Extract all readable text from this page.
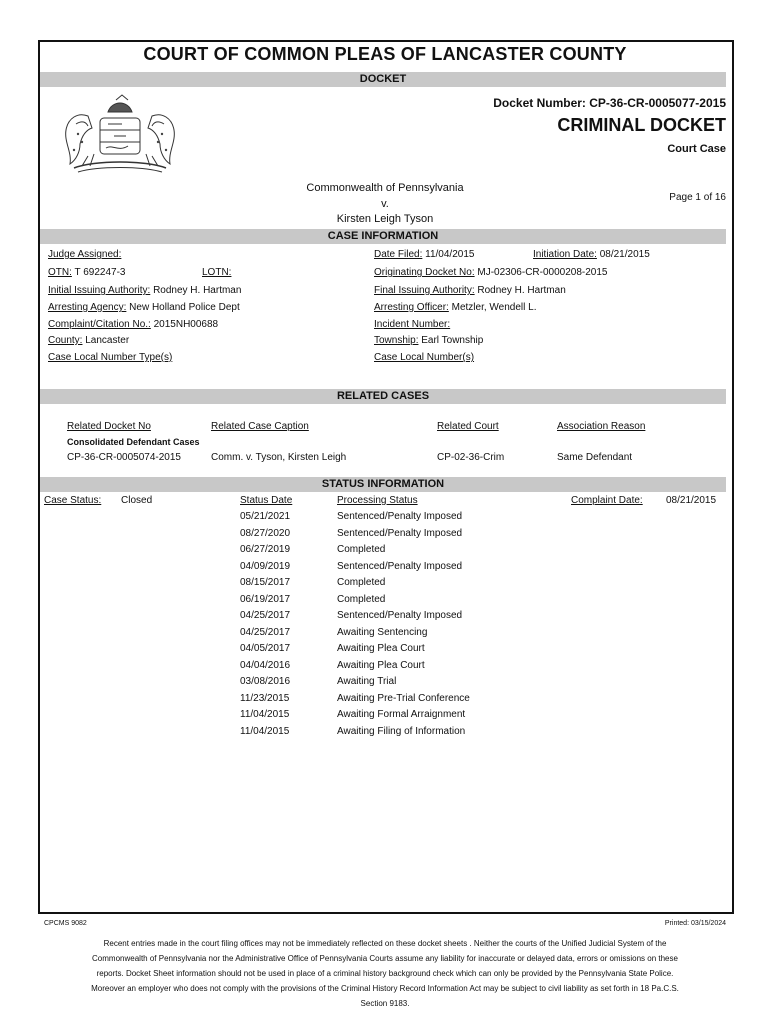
COURT OF COMMON PLEAS OF LANCASTER COUNTY
DOCKET
Docket Number: CP-36-CR-0005077-2015
CRIMINAL DOCKET
Court Case
Commonwealth of Pennsylvania
v.
Kirsten Leigh Tyson
Page 1 of 16
CASE INFORMATION
Judge Assigned:	Date Filed: 11/04/2015	Initiation Date: 08/21/2015
OTN: T 692247-3	LOTN:	Originating Docket No: MJ-02306-CR-0000208-2015
Initial Issuing Authority: Rodney H. Hartman	Final Issuing Authority: Rodney H. Hartman
Arresting Agency: New Holland Police Dept	Arresting Officer: Metzler, Wendell L.
Complaint/Citation No.: 2015NH00688	Incident Number:
County: Lancaster	Township: Earl Township
Case Local Number Type(s)	Case Local Number(s)
RELATED CASES
Related Docket No	Related Case Caption	Related Court	Association Reason
Consolidated Defendant Cases
CP-36-CR-0005074-2015	Comm. v. Tyson, Kirsten Leigh	CP-02-36-Crim	Same Defendant
STATUS INFORMATION
Case Status: Closed	Status Date	Processing Status	Complaint Date: 08/21/2015
05/21/2021	Sentenced/Penalty Imposed
08/27/2020	Sentenced/Penalty Imposed
06/27/2019	Completed
04/09/2019	Sentenced/Penalty Imposed
08/15/2017	Completed
06/19/2017	Completed
04/25/2017	Sentenced/Penalty Imposed
04/25/2017	Awaiting Sentencing
04/05/2017	Awaiting Plea Court
04/04/2016	Awaiting Plea Court
03/08/2016	Awaiting Trial
11/23/2015	Awaiting Pre-Trial Conference
11/04/2015	Awaiting Formal Arraignment
11/04/2015	Awaiting Filing of Information
CPCMS 9082	Printed: 03/15/2024
Recent entries made in the court filing offices may not be immediately reflected on these docket sheets . Neither the courts of the Unified Judicial System of the Commonwealth of Pennsylvania nor the Administrative Office of Pennsylvania Courts assume any liability for inaccurate or delayed data, errors or omissions on these reports. Docket Sheet information should not be used in place of a criminal history background check which can only be provided by the Pennsylvania State Police. Moreover an employer who does not comply with the provisions of the Criminal History Record Information Act may be subject to civil liability as set forth in 18 Pa.C.S. Section 9183.
